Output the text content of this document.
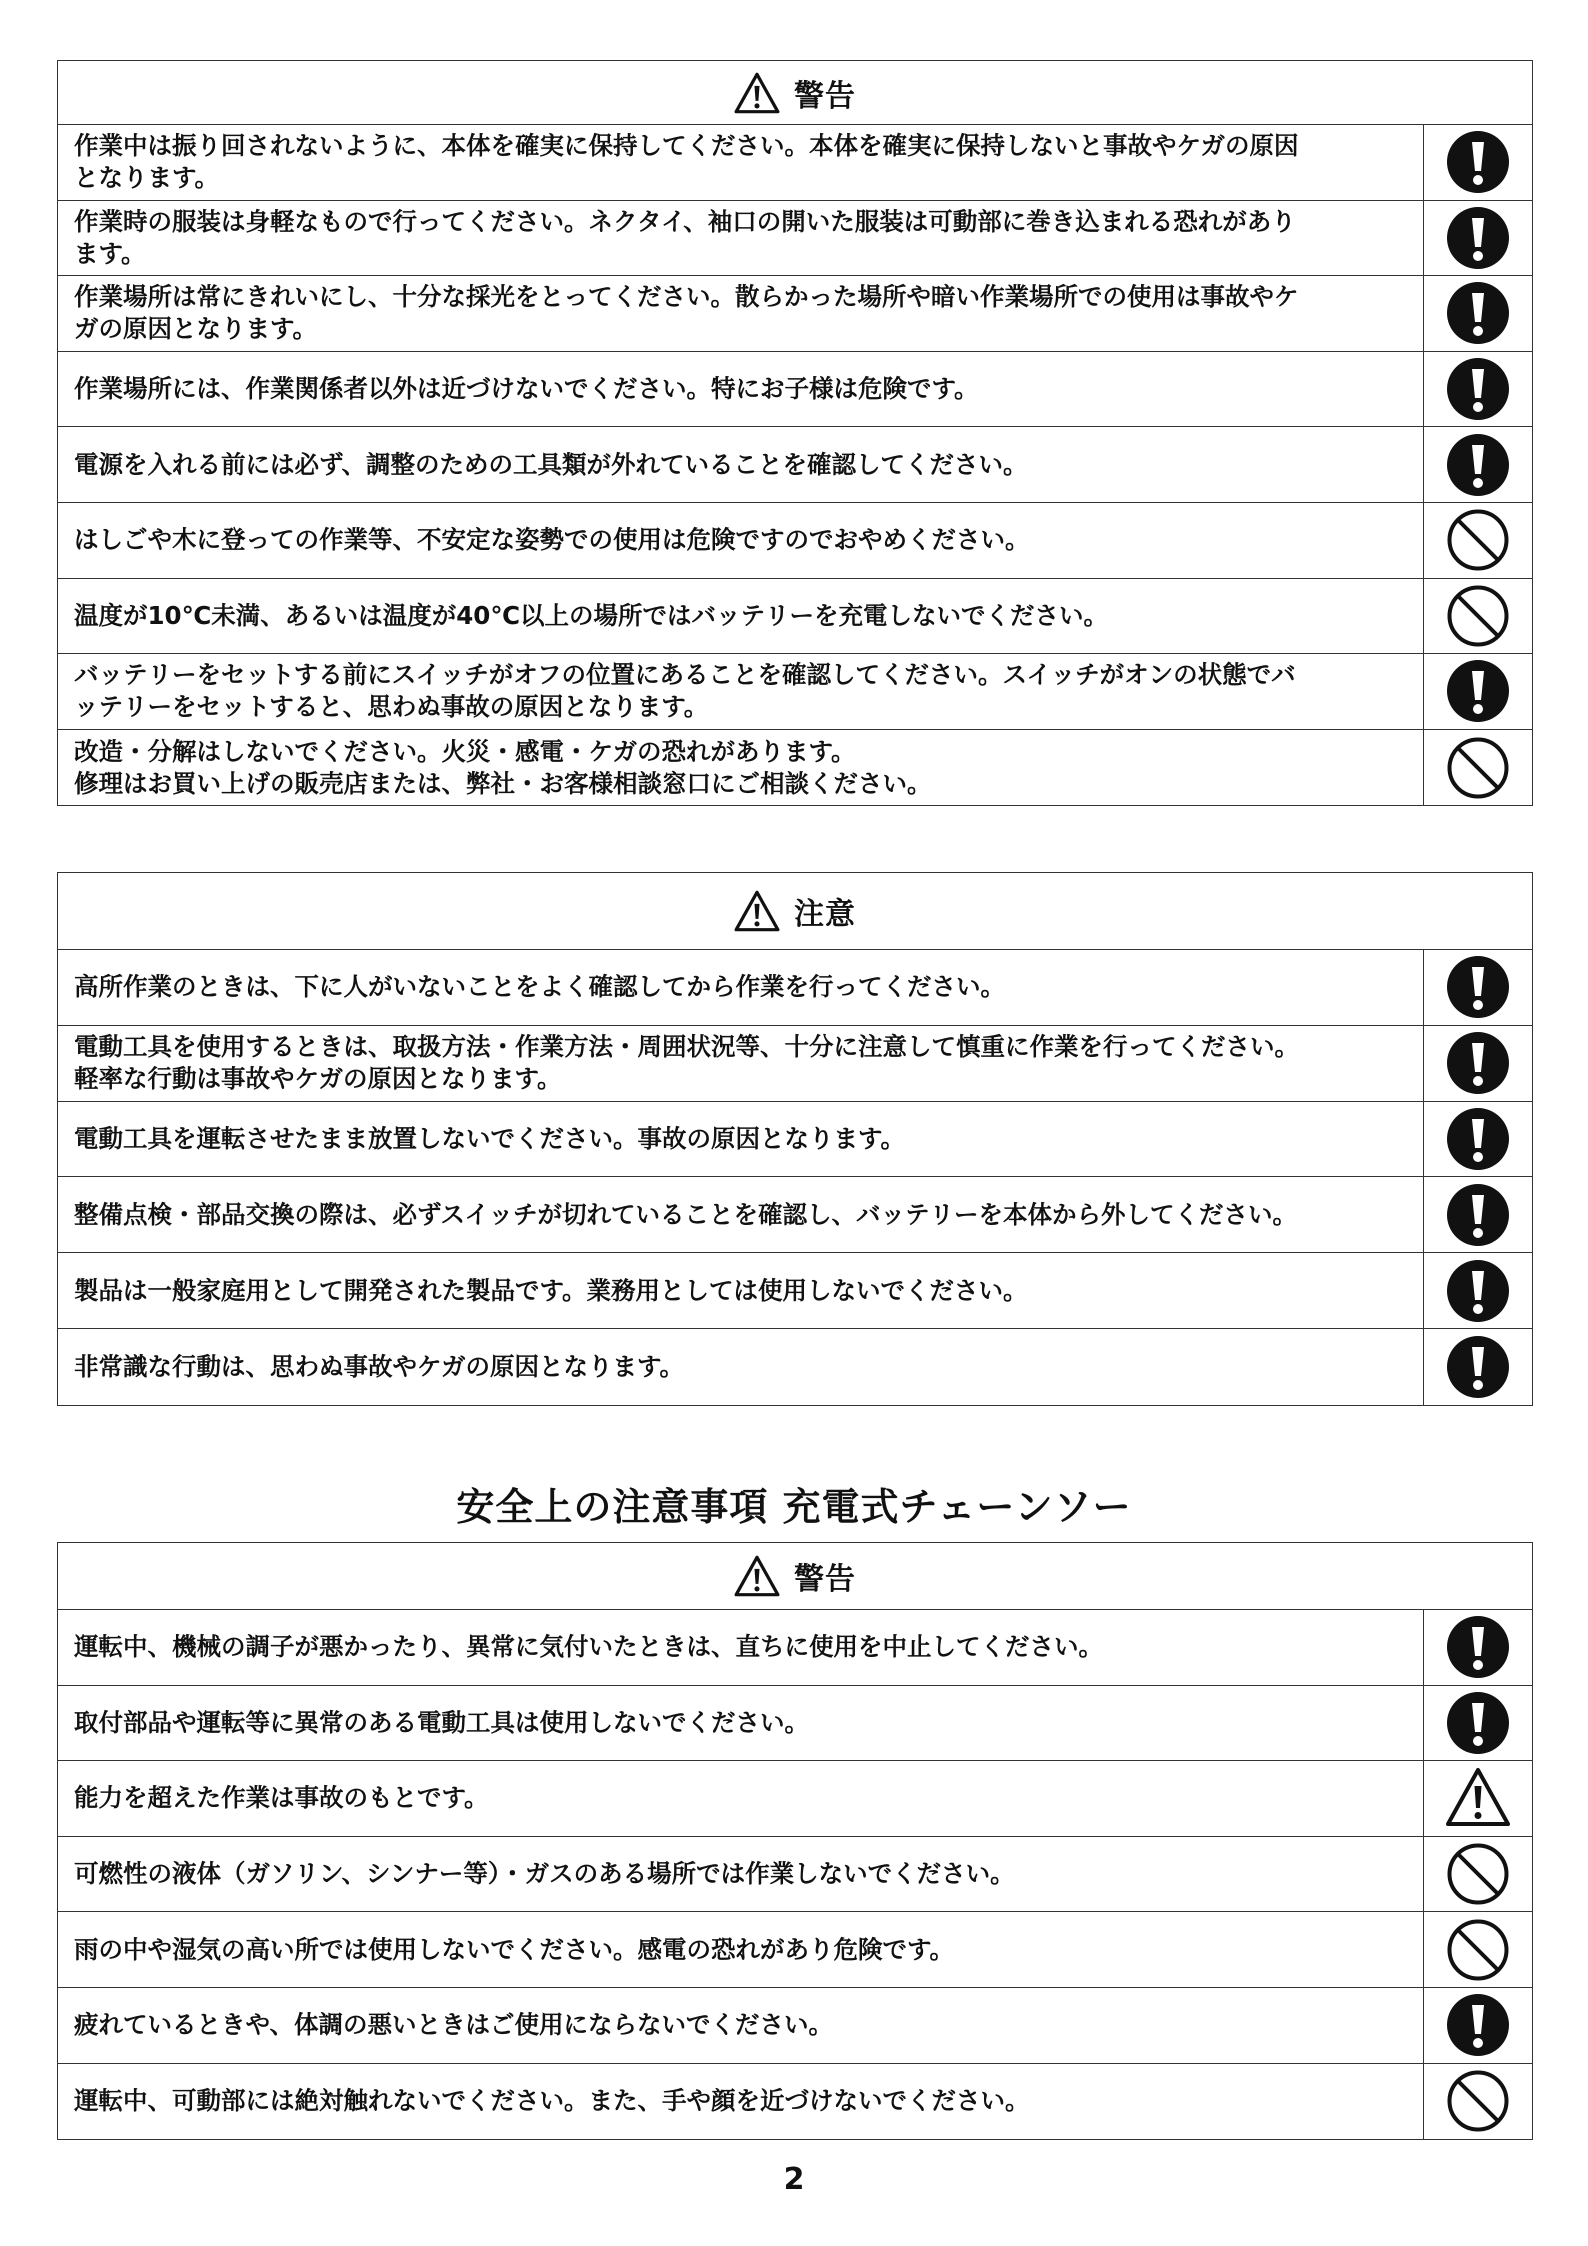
警告
作業中は振り回されないように、本体を確実に保持してください。本体を確実に保持しないと事故やケガの原因
となります。
作業時の服装は身軽なもので行ってください。ネクタイ、袖口の開いた服装は可動部に巻き込まれる恐れがあり
ます。
作業場所は常にきれいにし、十分な採光をとってください。散らかった場所や暗い作業場所での使用は事故やケ
ガの原因となります。
作業場所には、作業関係者以外は近づけないでください。特にお子様は危険です。
電源を入れる前には必ず、調整のための工具類が外れていることを確認してください。
はしごや木に登っての作業等、不安定な姿勢での使用は危険ですのでおやめください。
温度が10℃未満、あるいは温度が40℃以上の場所ではバッテリーを充電しないでください。
バッテリーをセットする前にスイッチがオフの位置にあることを確認してください。スイッチがオンの状態でバ
ッテリーをセットすると、思わぬ事故の原因となります。
改造・分解はしないでください。火災・感電・ケガの恐れがあります。
修理はお買い上げの販売店または、弊社・お客様相談窓口にご相談ください。
注意
高所作業のときは、下に人がいないことをよく確認してから作業を行ってください。
電動工具を使用するときは、取扱方法・作業方法・周囲状況等、十分に注意して慎重に作業を行ってください。
軽率な行動は事故やケガの原因となります。
電動工具を運転させたまま放置しないでください。事故の原因となります。
整備点検・部品交換の際は、必ずスイッチが切れていることを確認し、バッテリーを本体から外してください。
製品は一般家庭用として開発された製品です。業務用としては使用しないでください。
非常識な行動は、思わぬ事故やケガの原因となります。
安全上の注意事項 充電式チェーンソー
警告
運転中、機械の調子が悪かったり、異常に気付いたときは、直ちに使用を中止してください。
取付部品や運転等に異常のある電動工具は使用しないでください。
能力を超えた作業は事故のもとです。
可燃性の液体（ガソリン、シンナー等）・ガスのある場所では作業しないでください。
雨の中や湿気の高い所では使用しないでください。感電の恐れがあり危険です。
疲れているときや、体調の悪いときはご使用にならないでください。
運転中、可動部には絶対触れないでください。また、手や顔を近づけないでください。
2
